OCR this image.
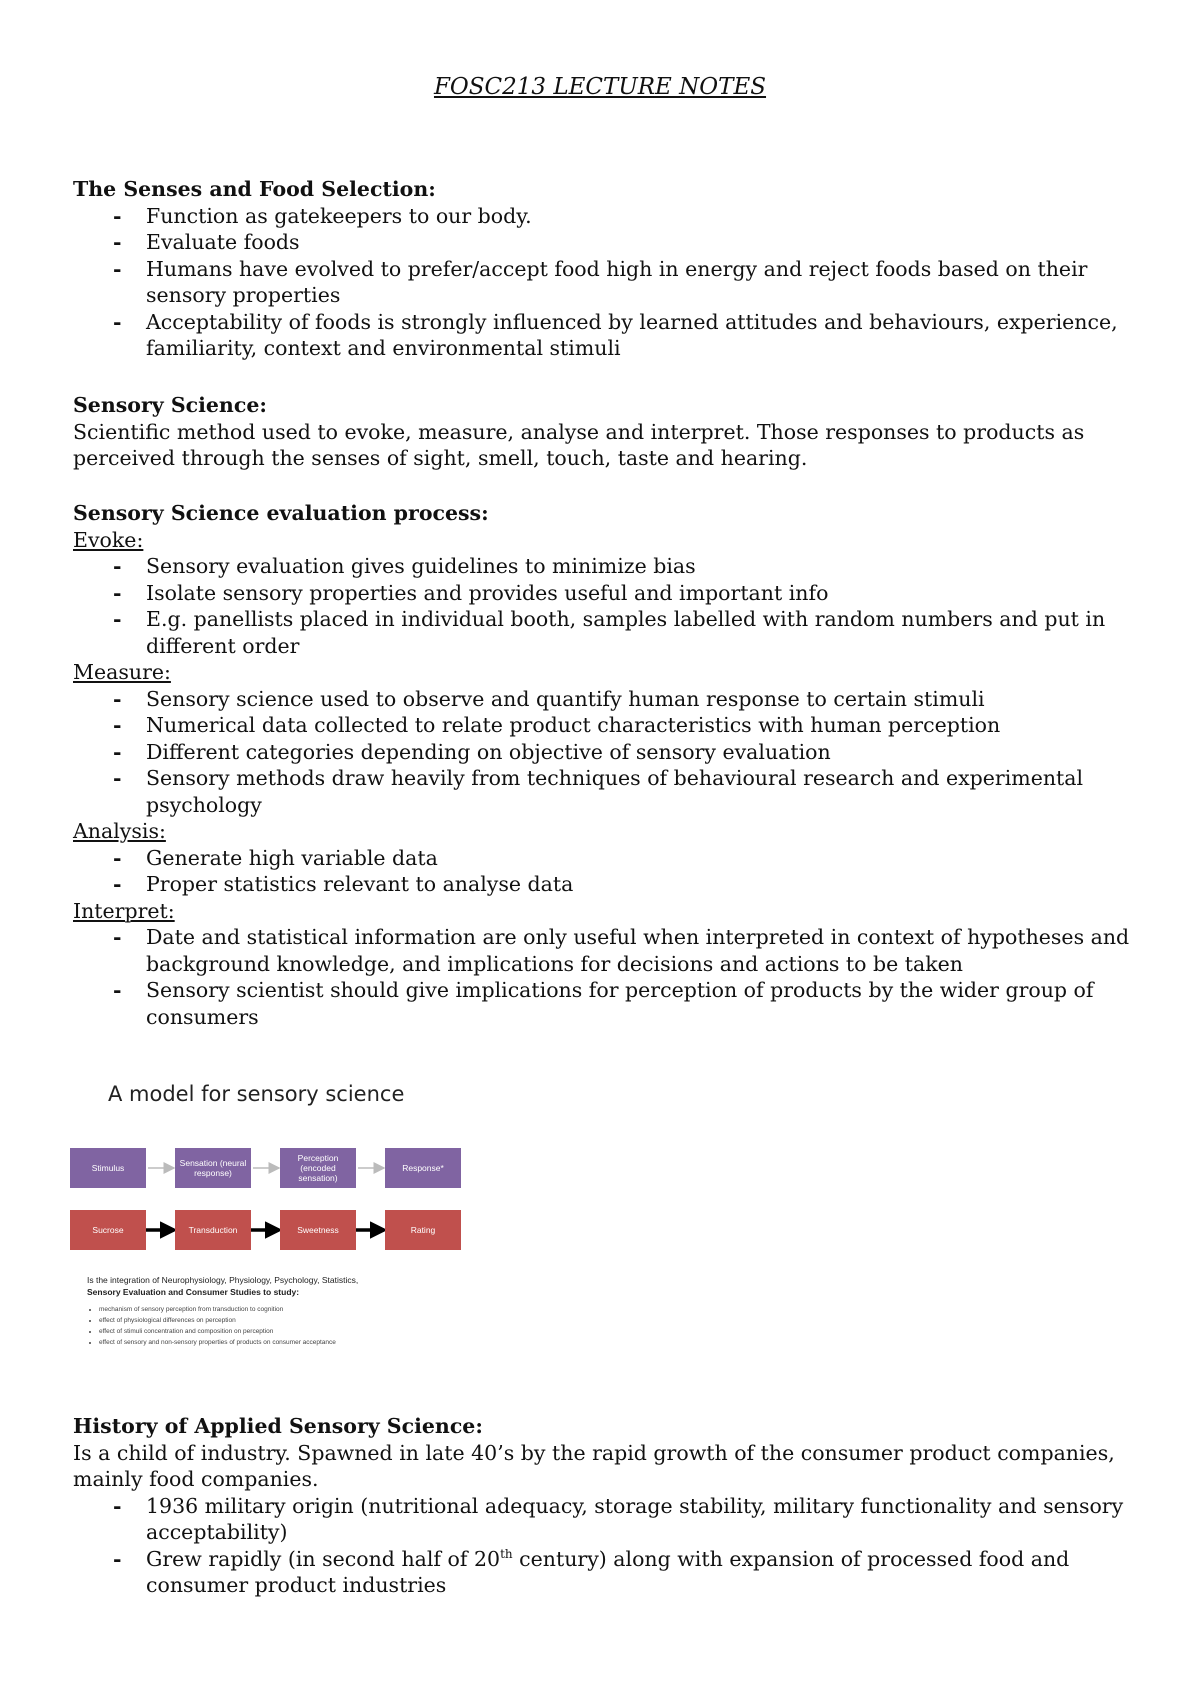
FOSC213 LECTURE NOTES

The Senses and Food Selection:

- Function as gatekeepers to our body.
- Evaluate foods
- Humans have evolved to prefer/accept food high in energy and reject foods based on their sensory properties
- Acceptability of foods is strongly influenced by learned attitudes and behaviours, experience, familiarity, context and environmental stimuli

Sensory Science:

Scientific method used to evoke, measure, analyse and interpret. Those responses to products as perceived through the senses of sight, smell, touch, taste and hearing.

Sensory Science evaluation process:

Evoke:

- Sensory evaluation gives guidelines to minimize bias
- Isolate sensory properties and provides useful and important info
- E.g. panellists placed in individual booth, samples labelled with random numbers and put in different order

Measure:

- Sensory science used to observe and quantify human response to certain stimuli
- Numerical data collected to relate product characteristics with human perception
- Different categories depending on objective of sensory evaluation
- Sensory methods draw heavily from techniques of behavioural research and experimental psychology

Analysis:

- Generate high variable data
- Proper statistics relevant to analyse data

Interpret:

- Date and statistical information are only useful when interpreted in context of hypotheses and background knowledge, and implications for decisions and actions to be taken
- Sensory scientist should give implications for perception of products by the wider group of consumers
A model for sensory science
Stimulus	Sensation (neural response)
Perception (encoded sensation)
Response*
Sucrose	Transduction	Sweetness	Rating
Is the integration of Neurophysiology, Physiology, Psychology, Statistics,
Sensory Evaluation and Consumer Studies to study:
• mechanism of sensory perception from transduction to cognition
• effect of physiological differences on perception
• effect of stimuli concentration and composition on perception
• effect of sensory and non-sensory properties of products on consumer acceptance

History of Applied Sensory Science:

Is a child of industry. Spawned in late 40’s by the rapid growth of the consumer product companies, mainly food companies.

- 1936 military origin (nutritional adequacy, storage stability, military functionality and sensory acceptability)
- Grew rapidly (in second half of 20th century) along with expansion of processed food and consumer product industries
